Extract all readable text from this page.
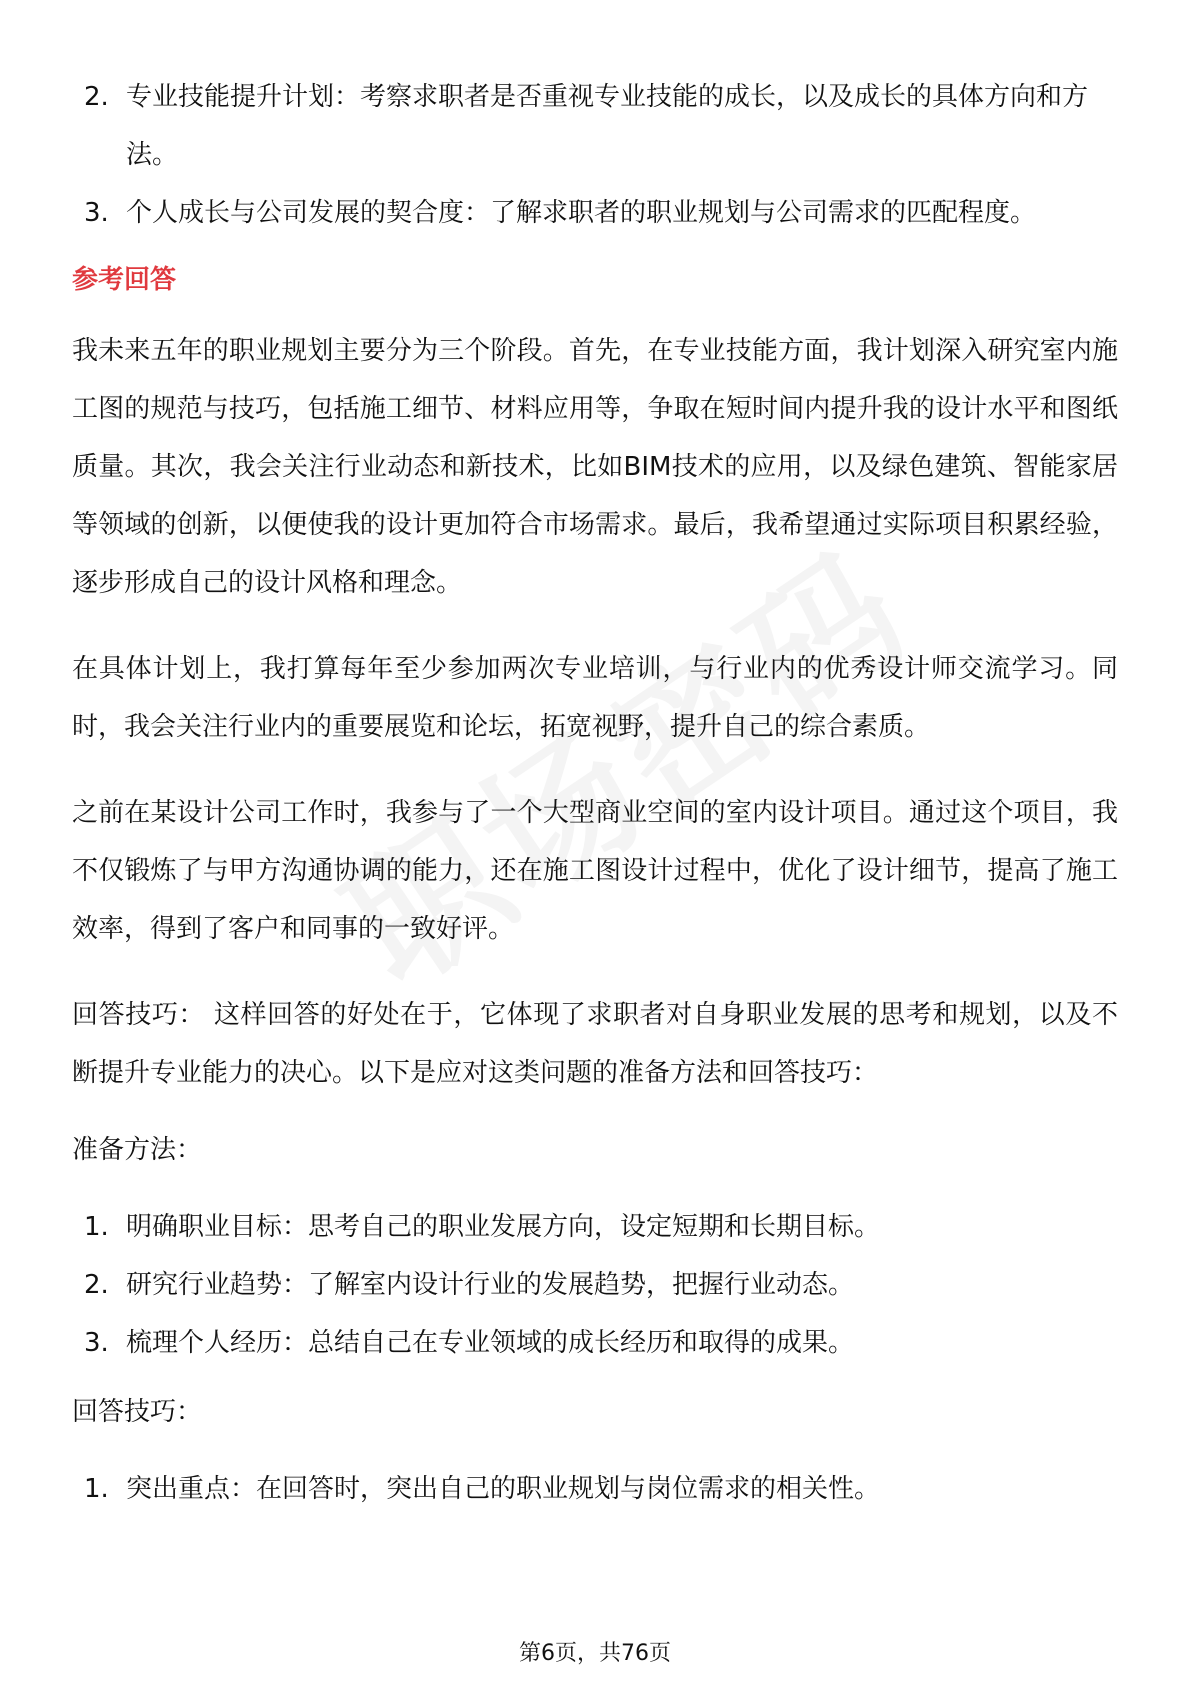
2. 专业技能提升计划：考察求职者是否重视专业技能的成长，以及成长的具体方向和方法。
3. 个人成长与公司发展的契合度：了解求职者的职业规划与公司需求的匹配程度。
参考回答

我未来五年的职业规划主要分为三个阶段。首先，在专业技能方面，我计划深入研究室内施工图的规范与技巧，包括施工细节、材料应用等，争取在短时间内提升我的设计水平和图纸质量。其次，我会关注行业动态和新技术，比如BIM技术的应用，以及绿色建筑、智能家居等领域的创新，以便使我的设计更加符合市场需求。最后，我希望通过实际项目积累经验，逐步形成自己的设计风格和理念。

在具体计划上，我打算每年至少参加两次专业培训，与行业内的优秀设计师交流学习。同时，我会关注行业内的重要展览和论坛，拓宽视野，提升自己的综合素质。

之前在某设计公司工作时，我参与了一个大型商业空间的室内设计项目。通过这个项目，我不仅锻炼了与甲方沟通协调的能力，还在施工图设计过程中，优化了设计细节，提高了施工效率，得到了客户和同事的一致好评。

回答技巧： 这样回答的好处在于，它体现了求职者对自身职业发展的思考和规划，以及不断提升专业能力的决心。以下是应对这类问题的准备方法和回答技巧：

准备方法：
1. 明确职业目标：思考自己的职业发展方向，设定短期和长期目标。
2. 研究行业趋势：了解室内设计行业的发展趋势，把握行业动态。
3. 梳理个人经历：总结自己在专业领域的成长经历和取得的成果。
回答技巧：
1. 突出重点：在回答时，突出自己的职业规划与岗位需求的相关性。
第6页，共76页
